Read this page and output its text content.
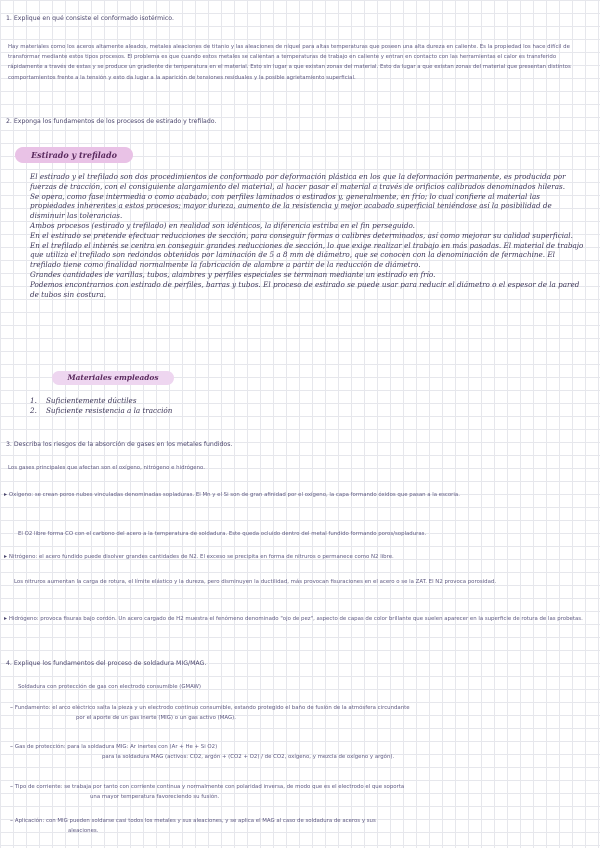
1. Explique en qué consiste el conformado isotérmico.
Hay materiales como los aceros altamente aleados, metales aleaciones de titanio y las aleaciones de níquel para altas temperaturas que poseen una alta dureza en caliente. Es la propiedad los hace difícil de transformar mediante estos tipos procesos. El problema es que cuando estos metales se calientan a temperaturas de trabajo en caliente y entran en contacto con las herramientas el calor es transferido rápidamente a través de estas y se produce un gradiente de temperatura en el material. Esto sin lugar a que existan zonas del material. Esto da lugar a que existan zonas del material que presentan distintos comportamientos frente a la tensión y esto da lugar a la aparición de tensiones residuales y la posible agrietamiento superficial.
2. Exponga los fundamentos de los procesos de estirado y trefilado.
Estirado y trefilado

El estirado y el trefilado son dos procedimientos de conformado por deformación plástica en los que la deformación permanente, es producida por fuerzas de tracción, con el consiguiente alargamiento del material, al hacer pasar el material a través de orificios calibrados denominados hileras.

Se opera, como fase intermedia o como acabado, con perfiles laminados o estirados y, generalmente, en frío; lo cual confiere al material las propiedades inherentes a estos procesos; mayor dureza, aumento de la resistencia y mejor acabado superficial teniéndose así la posibilidad de disminuir las tolerancias.

Ambos procesos (estirado y trefilado) en realidad son idénticos, la diferencia estriba en el fin perseguido.

En el estirado se pretende efectuar reducciones de sección, para conseguir formas o calibres determinados, así como mejorar su calidad superficial.

En el trefilado el interés se centra en conseguir grandes reducciones de sección, lo que exige realizar el trabajo en más pasadas. El material de trabajo que utiliza el trefilado son redondos obtenidos por laminación de 5 a 8 mm de diámetro, que se conocen con la denominación de fermachine. El trefilado tiene como finalidad normalmente la fabricación de alambre a partir de la reducción de diámetro.

Grandes cantidades de varillas, tubos, alambres y perfiles especiales se terminan mediante un estirado en frío.

Podemos encontrarnos con estirado de perfiles, barras y tubos. El proceso de estirado se puede usar para reducir el diámetro o el espesor de la pared de tubos sin costura.

Materiales empleados
1. Suficientemente dúctiles
2. Suficiente resistencia a la tracción
3. Describa los riesgos de la absorción de gases en los metales fundidos.
Los gases principales que afectan son el oxígeno, nitrógeno e hidrógeno.
▸ Oxígeno: se crean poros nubes vinculadas denominadas sopladuras. El Mn y el Si son de gran afinidad por el oxígeno, la capa formando óxidos que pasan a la escoria.
El O2 libre forma CO con el carbono del acero a la temperatura de soldadura. Este queda ocluido dentro del metal fundido formando poros/sopladuras.
▸ Nitrógeno: el acero fundido puede disolver grandes cantidades de N2. El exceso se precipita en forma de nitruros o permanece como N2 libre.
Los nitruros aumentan la carga de rotura, el límite elástico y la dureza, pero disminuyen la ductilidad, más provocan fisuraciones en el acero o se la ZAT. El N2 provoca porosidad.
▸ Hidrógeno: provoca fisuras bajo cordón. Un acero cargado de H2 muestra el fenómeno denominado "ojo de pez", aspecto de capas de color brillante que suelen aparecer en la superficie de rotura de las probetas.
4. Explique los fundamentos del proceso de soldadura MIG/MAG.
Soldadura con protección de gas con electrodo consumible (GMAW)
– Fundamento: el arco eléctrico salta la pieza y un electrodo continuo consumible, estando protegido el baño de fusión de la atmósfera circundante
por el aporte de un gas inerte (MIG) o un gas activo (MAG).
– Gas de protección: para la soldadura MIG: Ar inertes con (Ar + He + Si O2)
para la soldadura MAG (activos: CO2, argón + (CO2 + O2) / de CO2, oxígeno, y mezcla de oxígeno y argón).
– Tipo de corriente: se trabaja por tanto con corriente continua y normalmente con polaridad inversa, de modo que es el electrodo el que soporta
una mayor temperatura favoreciendo su fusión.
– Aplicación: con MIG pueden soldarse casi todos los metales y sus aleaciones, y se aplica el MAG al caso de soldadura de aceros y sus
aleaciones.
